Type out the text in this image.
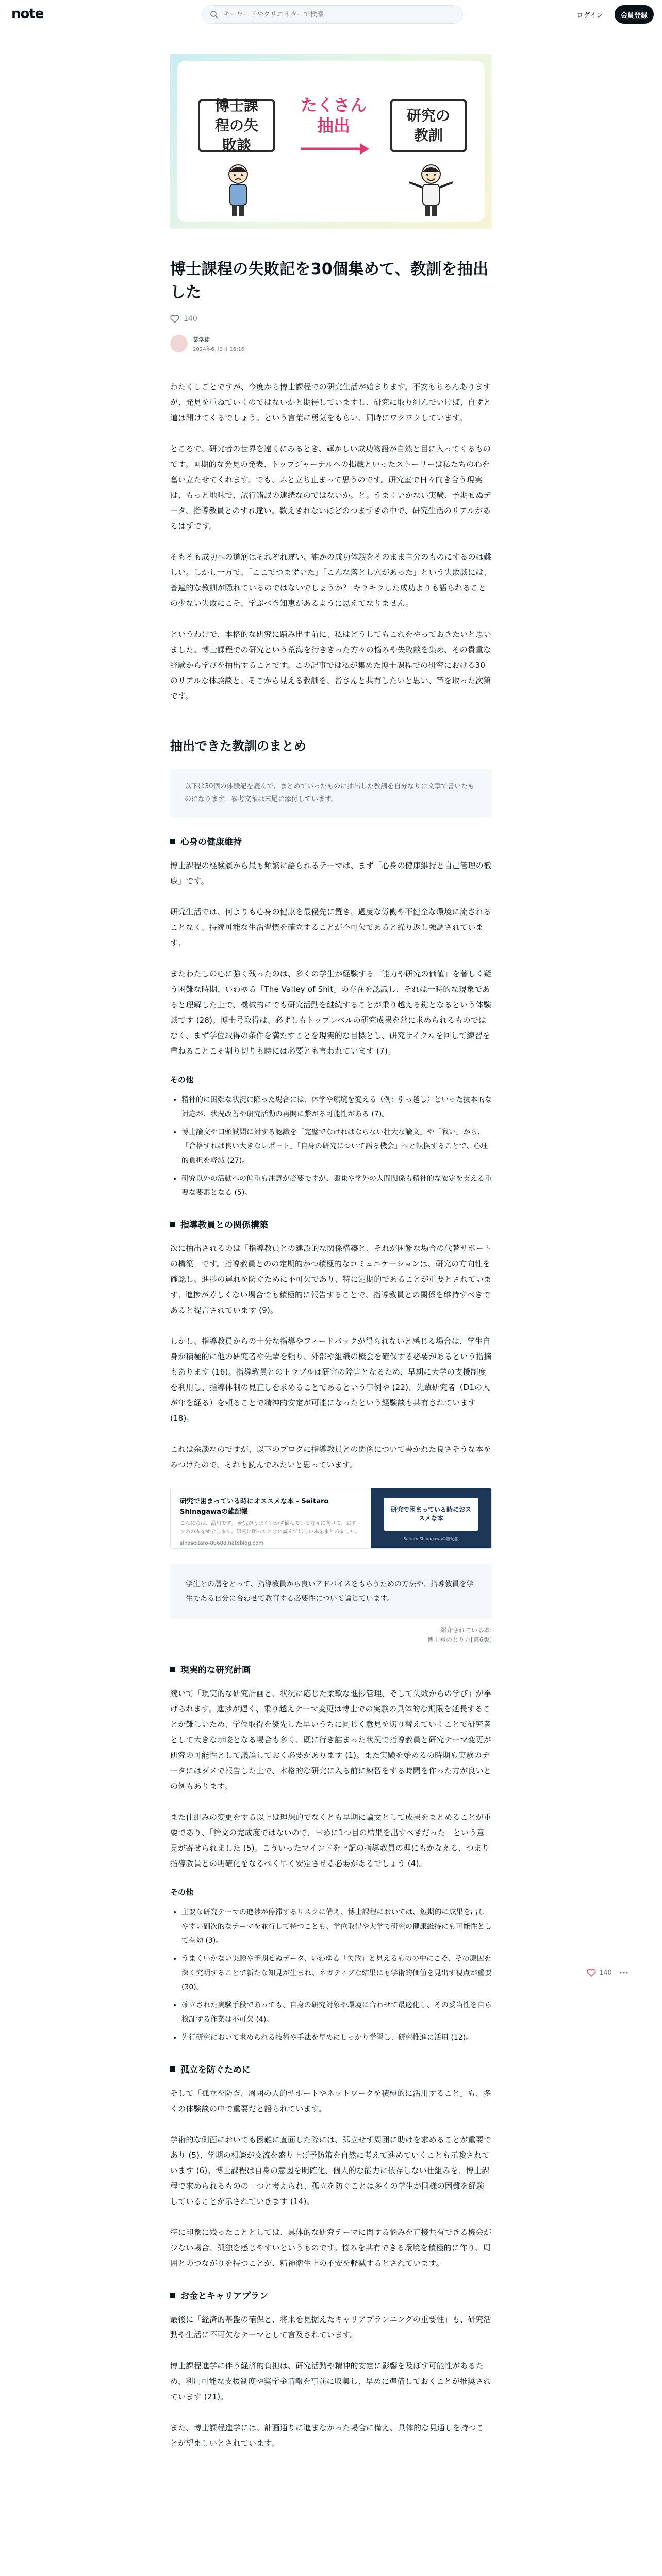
note
キーワードやクリエイターで検索	ログイン	会員登録
博士課程の失敗談
たくさん抽出
研究の教訓
博士課程の失敗記を30個集めて、教訓を抽出した
140
薬学徒
2024年6月3日 16:16

わたくしごとですが、今度から博士課程での研究生活が始まります。不安もちろんありますが、発見を重ねていくのではないかと期待していますし、研究に取り組んでいけば、自ずと道は開けてくるでしょう。という言葉に勇気をもらい、同時にワクワクしています。

ところで、研究者の世界を遠くにみるとき、輝かしい成功物語が自然と目に入ってくるものです。画期的な発見の発表、トップジャーナルへの掲載といったストーリーは私たちの心を奮い立たせてくれます。でも、ふと立ち止まって思うのです。研究室で日々向き合う現実は、もっと地味で、試行錯誤の連続なのではないか。と。うまくいかない実験、予期せぬデータ、指導教員とのすれ違い。数えきれないほどのつまずきの中で、研究生活のリアルがあるはずです。

そもそも成功への道筋はそれぞれ違い、誰かの成功体験をそのまま自分のものにするのは難しい。しかし一方で、「ここでつまずいた」「こんな落とし穴があった」という失敗談には、普遍的な教訓が隠れているのではないでしょうか？ キラキラした成功よりも語られることの少ない失敗にこそ、学ぶべき知恵があるように思えてなりません。

というわけで、本格的な研究に踏み出す前に、私はどうしてもこれをやっておきたいと思いました。博士課程での研究という荒海を行ききった方々の悩みや失敗談を集め、その貴重な経験から学びを抽出することです。この記事では私が集めた博士課程での研究における30のリアルな体験談と、そこから見える教訓を、皆さんと共有したいと思い、筆を取った次第です。

抽出できた教訓のまとめ
以下は30個の体験記を読んで、まとめていったものに抽出した教訓を自分なりに文章で書いたものになります。参考文献は末尾に添付しています。
心身の健康維持

博士課程の経験談から最も頻繁に語られるテーマは、まず「心身の健康維持と自己管理の徹底」です。

研究生活では、何よりも心身の健康を最優先に置き、過度な労働や不健全な環境に流されることなく、持続可能な生活習慣を確立することが不可欠であると繰り返し強調されています。

またわたしの心に強く残ったのは、多くの学生が経験する「能力や研究の価値」を著しく疑う困難な時期、いわゆる「The Valley of Shit」の存在を認識し、それは一時的な現象であると理解した上で、機械的にでも研究活動を継続することが乗り越える鍵となるという体験談です (28)。博士号取得は、必ずしもトップレベルの研究成果を常に求められるものではなく、まず学位取得の条件を満たすことを現実的な目標とし、研究サイクルを回して練習を重ねることこそ割り切りも時には必要とも言われています (7)。

その他
• 精神的に困難な状況に陥った場合には、休学や環境を変える（例：引っ越し）といった抜本的な対応が、状況改善や研究活動の再開に繋がる可能性がある (7)。
• 博士論文や口頭試問に対する認識を「完璧でなければならない壮大な論文」や「戦い」から、「合格すれば良い大きなレポート」「自身の研究について語る機会」へと転換することで、心理的負担を軽減 (27)。
• 研究以外の活動への偏重も注意が必要ですが、趣味や学外の人間関係も精神的な安定を支える重要な要素となる (5)。
指導教員との関係構築

次に抽出されるのは「指導教員との建設的な関係構築と、それが困難な場合の代替サポートの構築」です。指導教員とのの定期的かつ積極的なコミュニケーションは、研究の方向性を確認し、進捗の遅れを防ぐために不可欠であり、特に定期的であることが重要とされています。進捗が芳しくない場合でも積極的に報告することで、指導教員との関係を維持すべきであると提言されています (9)。

しかし、指導教員からの十分な指導やフィードバックが得られないと感じる場合は、学生自身が積極的に他の研究者や先輩を頼り、外部や組織の機会を確保する必要があるという指摘もあります (16)。指導教員とのトラブルは研究の障害となるため、早期に大学の支援制度を利用し、指導体制の見直しを求めることであるという事例や (22)、先輩研究者（D1の人が年を経る）を頼ることで精神的安定が可能になったという経験談も共有されています (18)。

これは余談なのですが、以下のブログに指導教員との関係について書かれた良さそうな本をみつけたので、それも読んでみたいと思っています。

研究で困まっている時にオススメな本 - Seitaro Shinagawaの雑記帳
こんにちは、品川です。 研究がうまくいかず悩んでいる方々に向けて、おすすめの本を紹介します。研究に困ったときに読んでほしい本をまとめました。
sinaseitaro-88688.hateblog.com
研究で困まっている時におススメな本
Seitaro Shinagawaの雑記帳
学生との層をとって、指導教員から良いアドバイスをもらうための方法や、指導教員を学生である自分に合わせて教育する必要性について論じています。
紹介されている本:
博士号のとり方[第6版]
現実的な研究計画

続いて「現実的な研究計画と、状況に応じた柔軟な進捗管理、そして失敗からの学び」が挙げられます。進捗が遅く、乗り越えテーマ変更は博士での実験の具体的な期限を延長することが難しいため、学位取得を優先した早いうちに同じく意見を切り替えていくことで研究者として大きな示唆となる場合も多く、既に行き詰まった状況で指導教員と研究テーマ変更が研究の可能性として議論しておく必要があります (1)。また実験を始めるの時期も実験のデータにはダメで報告した上で、本格的な研究に入る前に練習をする時間を作った方が良いとの例もあります。

また仕組みの変更をする以上は理想的でなくとも早期に論文として成果をまとめることが重要であり、「論文の完成度ではないので、早めに1つ目の結果を出すべきだった」という意見が寄せられました (5)。こういったマインドを上記の指導教員の理にもかなえる、つまり指導教員との明確化をなるべく早く安定させる必要があるでしょう (4)。

その他
• 主要な研究テーマの進捗が停滞するリスクに備え、博士課程においては、短期的に成果を出しやすい副次的なテーマを並行して持つことも、学位取得や大学で研究の健康維持にも可能性として有効 (3)。
• うまくいかない実験や予期せぬデータ、いわゆる「失敗」と見えるものの中にこそ、その原因を深く究明することで新たな知見が生まれ、ネガティブな結果にも学術的価値を見出す視点が重要 (30)。
• 確立された実験手段であっても、自身の研究対象や環境に合わせて最適化し、その妥当性を自ら検証する作業は不可欠 (4)。
• 先行研究において求められる技術や手法を早めにしっかり学習し、研究推進に活用 (12)。
孤立を防ぐために

そして「孤立を防ぎ、周囲の人的サポートやネットワークを積極的に活用すること」も、多くの体験談の中で重要だと語られています。

学術的な側面においても困難に直面した際には、孤立せず周囲に助けを求めることが重要であり (5)、学期の相談が交流を盛り上げ予防策を自然に考えて進めていくことも示唆されています (6)。博士課程は自身の意図を明確化、個人的な能力に依存しない仕組みを、博士課程で求められるものの一つと考えられ、孤立を防ぐことは多くの学生が同様の困難を経験していることが示されていきます (14)。

特に印象に残ったこととしては、具体的な研究テーマに関する悩みを直接共有できる機会が少ない場合、孤独を感じやすいというものです。悩みを共有できる環境を積極的に作り、周囲とのつながりを持つことが、精神衛生上の不安を軽減するとされています。

お金とキャリアプラン

最後に「経済的基盤の確保と、将来を見据えたキャリアプランニングの重要性」も、研究活動や生活に不可欠なテーマとして言及されています。

博士課程進学に伴う経済的負担は、研究活動や精神的安定に影響を及ぼす可能性があるため、利用可能な支援制度や奨学金情報を事前に収集し、早めに準備しておくことが推奨されています (21)。

また、博士課程進学には、計画通りに進まなかった場合に備え、具体的な見通しを持つことが望ましいとされています。

140
